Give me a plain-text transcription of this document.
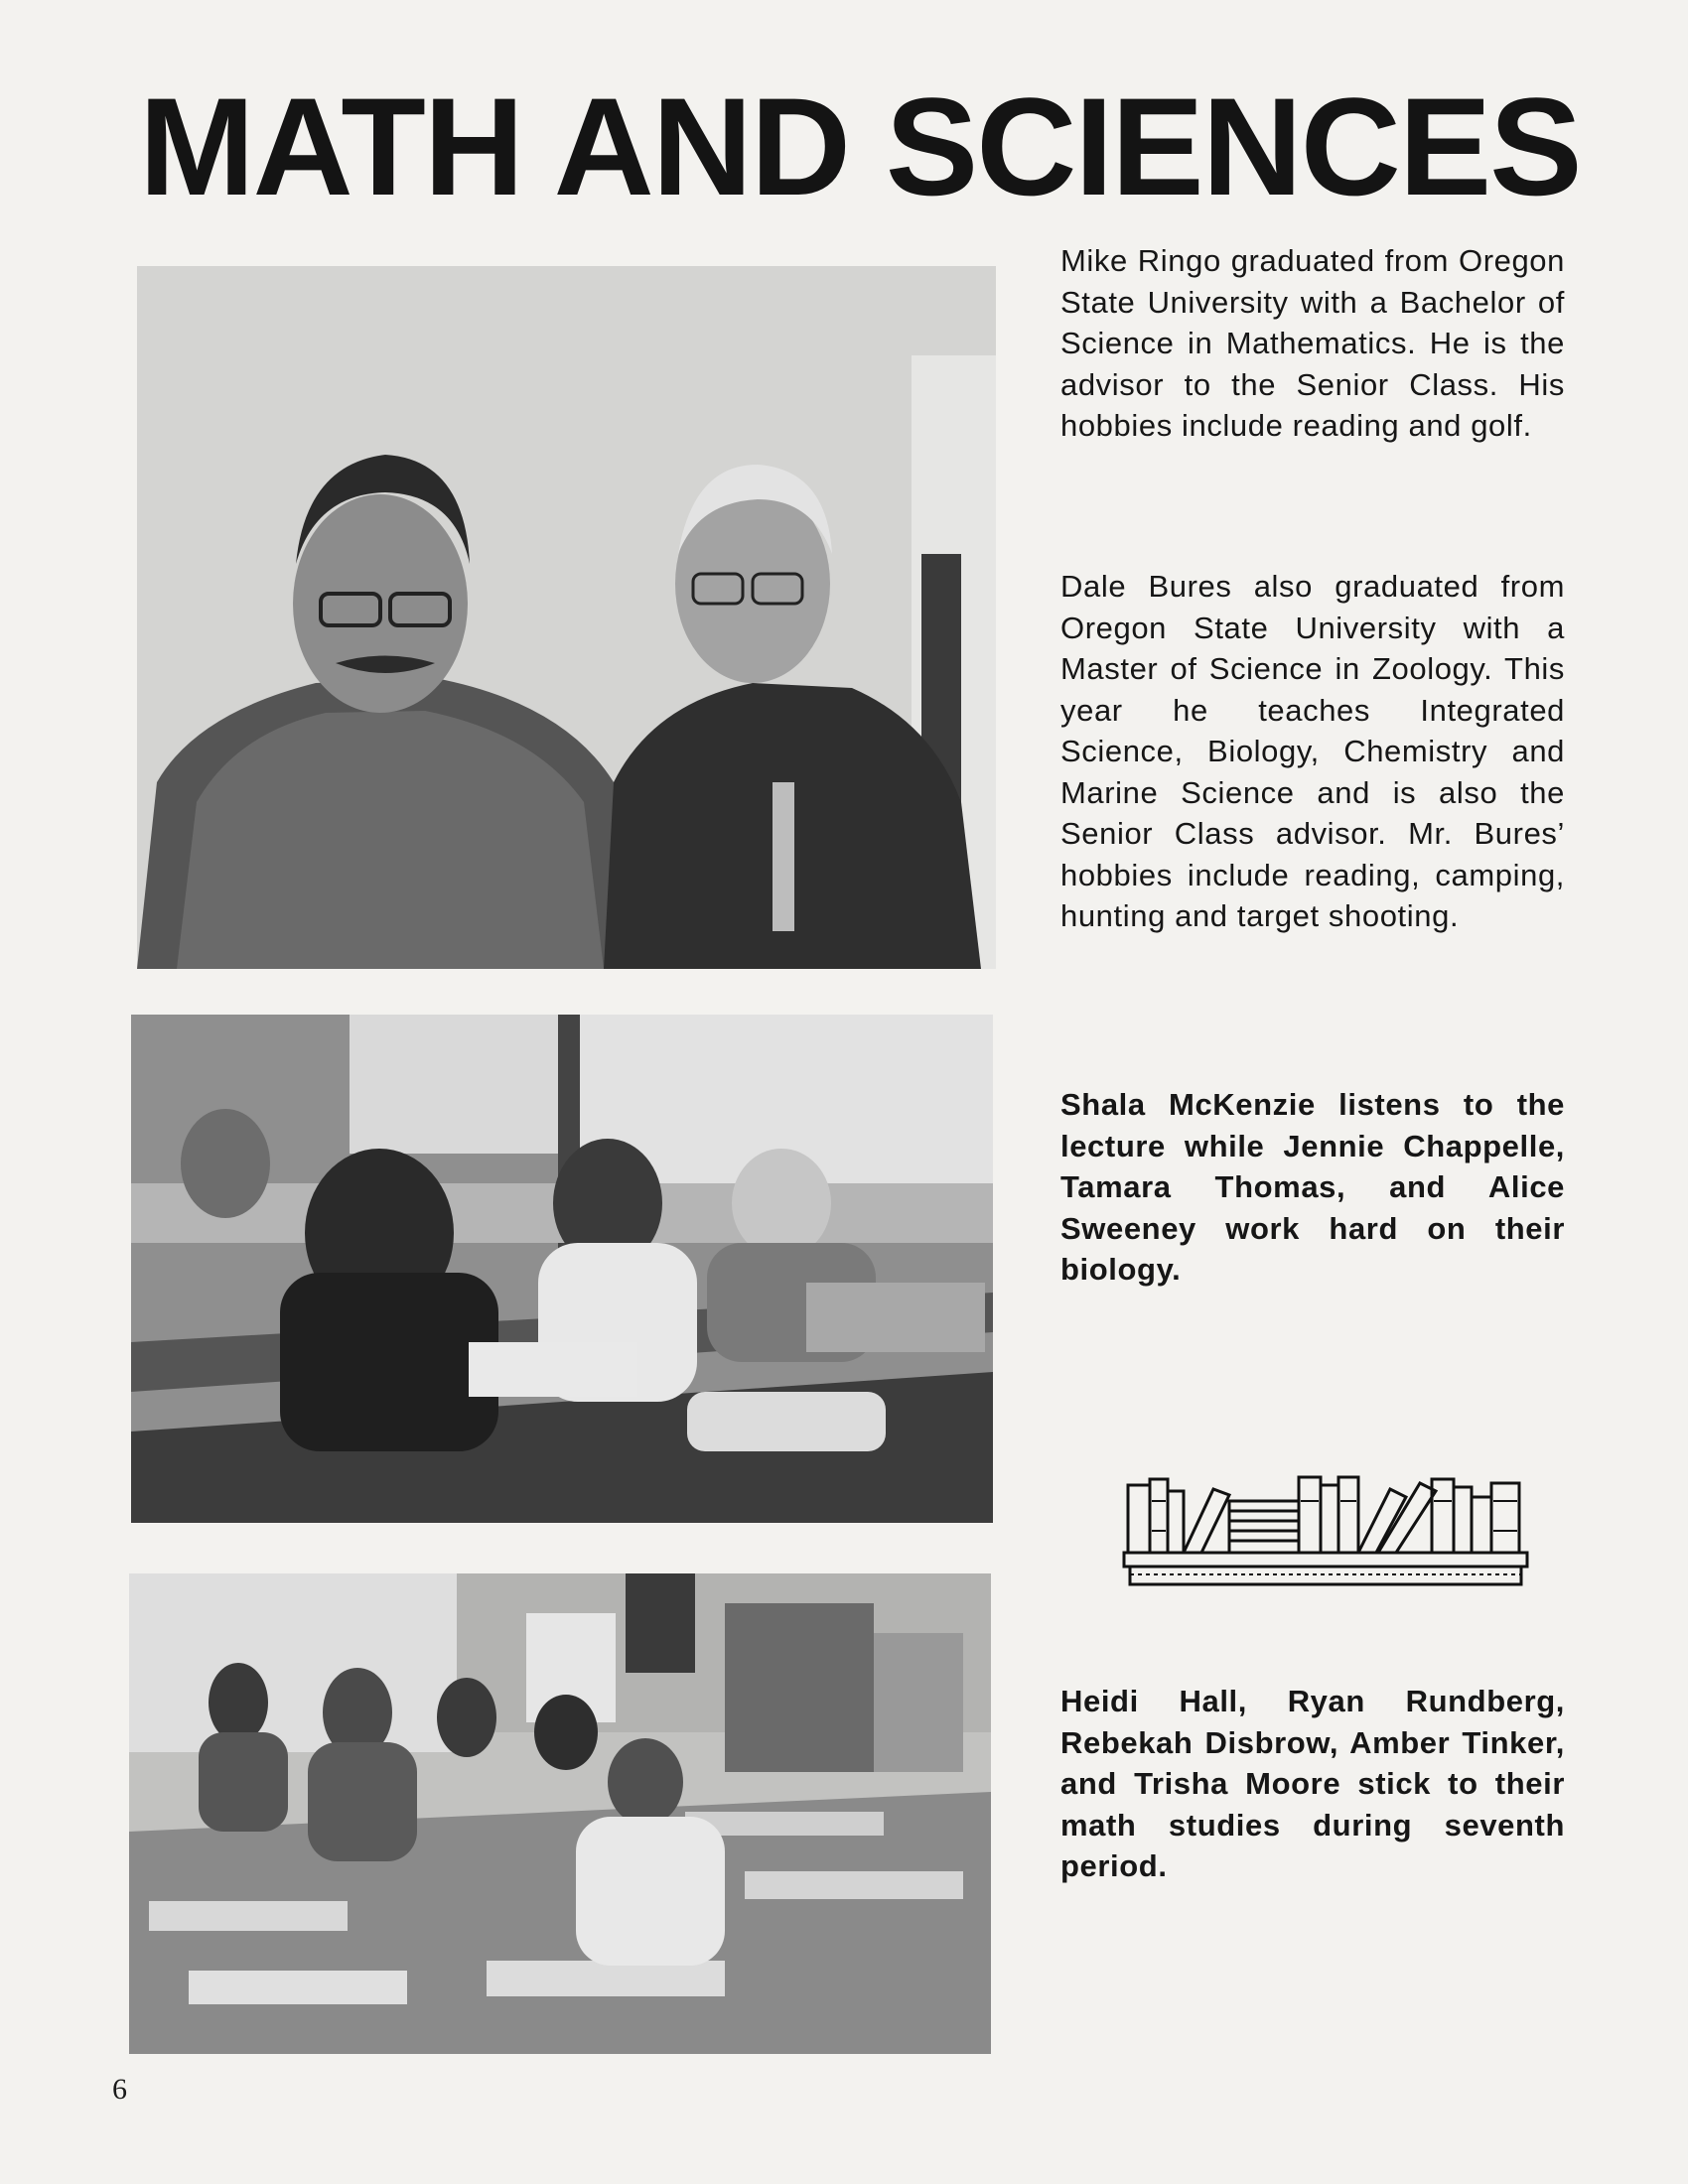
MATH AND SCIENCES

Mike Ringo graduated from Oregon State University with a Bachelor of Science in Mathematics. He is the advisor to the Senior Class. His hobbies include reading and golf.

Dale Bures also graduated from Oregon State University with a Master of Science in Zoology. This year he teaches Integrated Science, Biology, Chemistry and Marine Science and is also the Senior Class advisor. Mr. Bures’ hobbies include reading, camping, hunting and target shooting.

Shala McKenzie listens to the lecture while Jennie Chappelle, Tamara Thomas, and Alice Sweeney work hard on their biology.

Heidi Hall, Ryan Rundberg, Rebekah Disbrow, Amber Tinker, and Trisha Moore stick to their math studies during seventh period.

6
